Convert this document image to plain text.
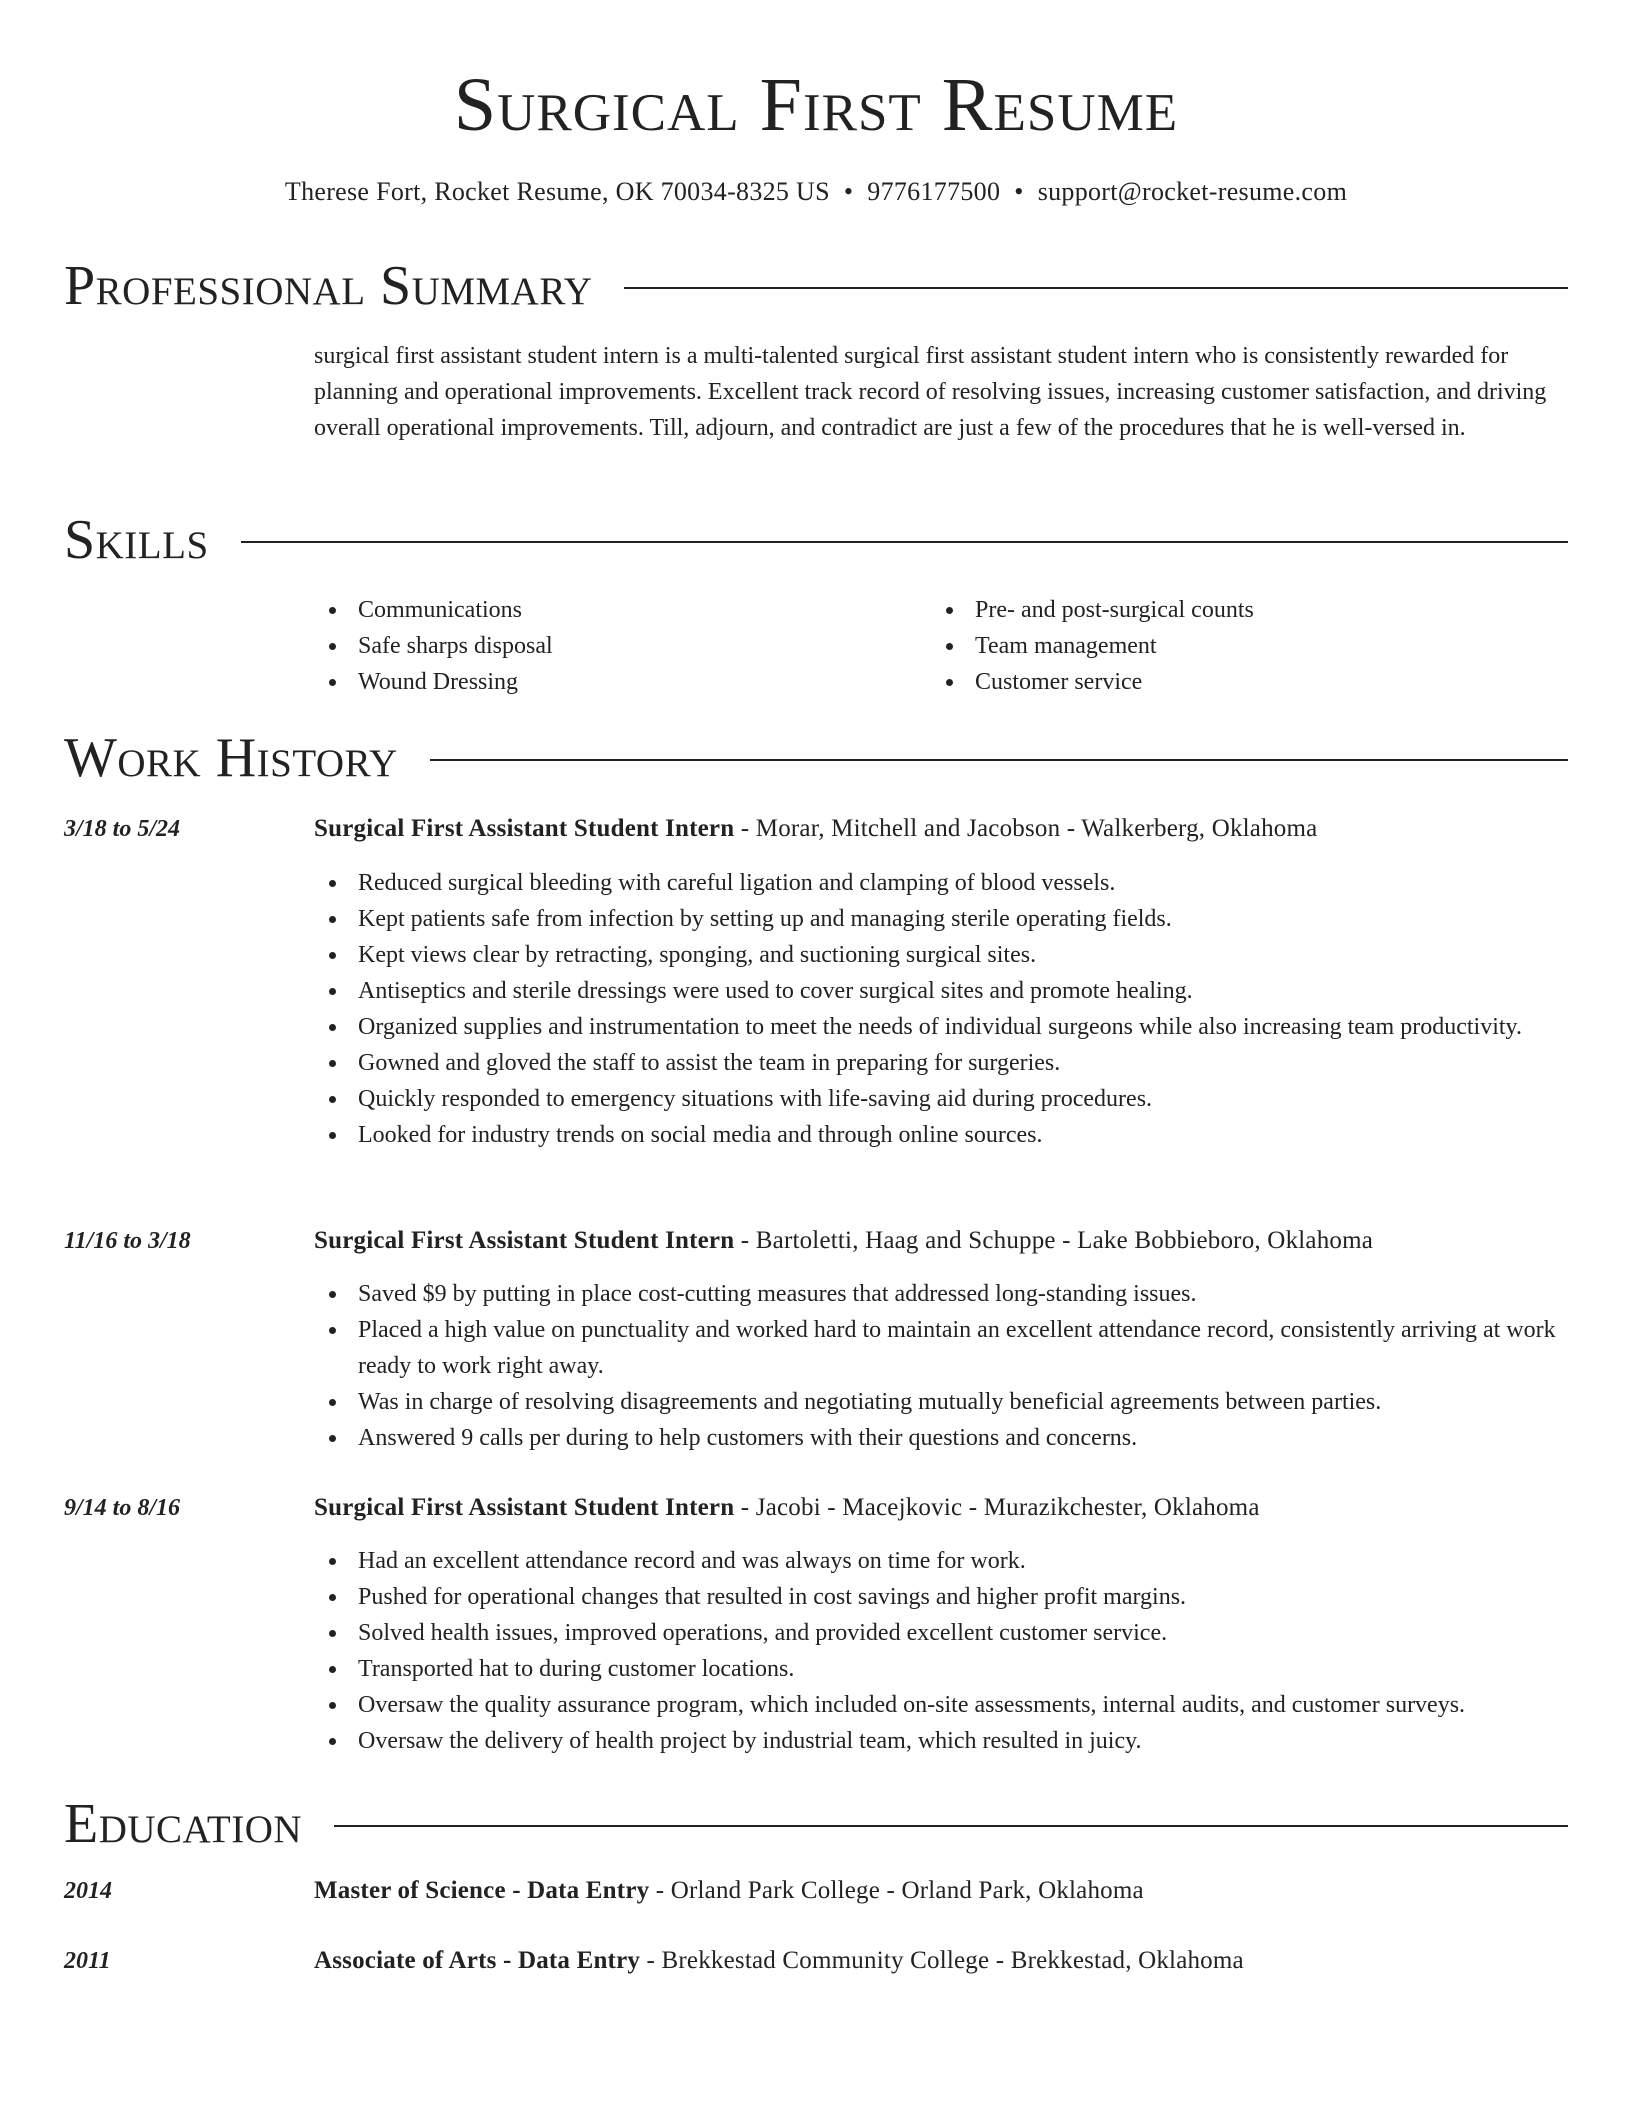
Surgical First Resume
Therese Fort, Rocket Resume, OK 70034-8325 US • 9776177500 • support@rocket-resume.com
Professional Summary
surgical first assistant student intern is a multi-talented surgical first assistant student intern who is consistently rewarded for planning and operational improvements. Excellent track record of resolving issues, increasing customer satisfaction, and driving overall operational improvements. Till, adjourn, and contradict are just a few of the procedures that he is well-versed in.
Skills
Communications
Safe sharps disposal
Wound Dressing
Pre- and post-surgical counts
Team management
Customer service
Work History
3/18 to 5/24	Surgical First Assistant Student Intern - Morar, Mitchell and Jacobson - Walkerberg, Oklahoma
Reduced surgical bleeding with careful ligation and clamping of blood vessels.
Kept patients safe from infection by setting up and managing sterile operating fields.
Kept views clear by retracting, sponging, and suctioning surgical sites.
Antiseptics and sterile dressings were used to cover surgical sites and promote healing.
Organized supplies and instrumentation to meet the needs of individual surgeons while also increasing team productivity.
Gowned and gloved the staff to assist the team in preparing for surgeries.
Quickly responded to emergency situations with life-saving aid during procedures.
Looked for industry trends on social media and through online sources.
11/16 to 3/18	Surgical First Assistant Student Intern - Bartoletti, Haag and Schuppe - Lake Bobbieboro, Oklahoma
Saved $9 by putting in place cost-cutting measures that addressed long-standing issues.
Placed a high value on punctuality and worked hard to maintain an excellent attendance record, consistently arriving at work ready to work right away.
Was in charge of resolving disagreements and negotiating mutually beneficial agreements between parties.
Answered 9 calls per during to help customers with their questions and concerns.
9/14 to 8/16	Surgical First Assistant Student Intern - Jacobi - Macejkovic - Murazikchester, Oklahoma
Had an excellent attendance record and was always on time for work.
Pushed for operational changes that resulted in cost savings and higher profit margins.
Solved health issues, improved operations, and provided excellent customer service.
Transported hat to during customer locations.
Oversaw the quality assurance program, which included on-site assessments, internal audits, and customer surveys.
Oversaw the delivery of health project by industrial team, which resulted in juicy.
Education
2014	Master of Science - Data Entry - Orland Park College - Orland Park, Oklahoma
2011	Associate of Arts - Data Entry - Brekkestad Community College - Brekkestad, Oklahoma
